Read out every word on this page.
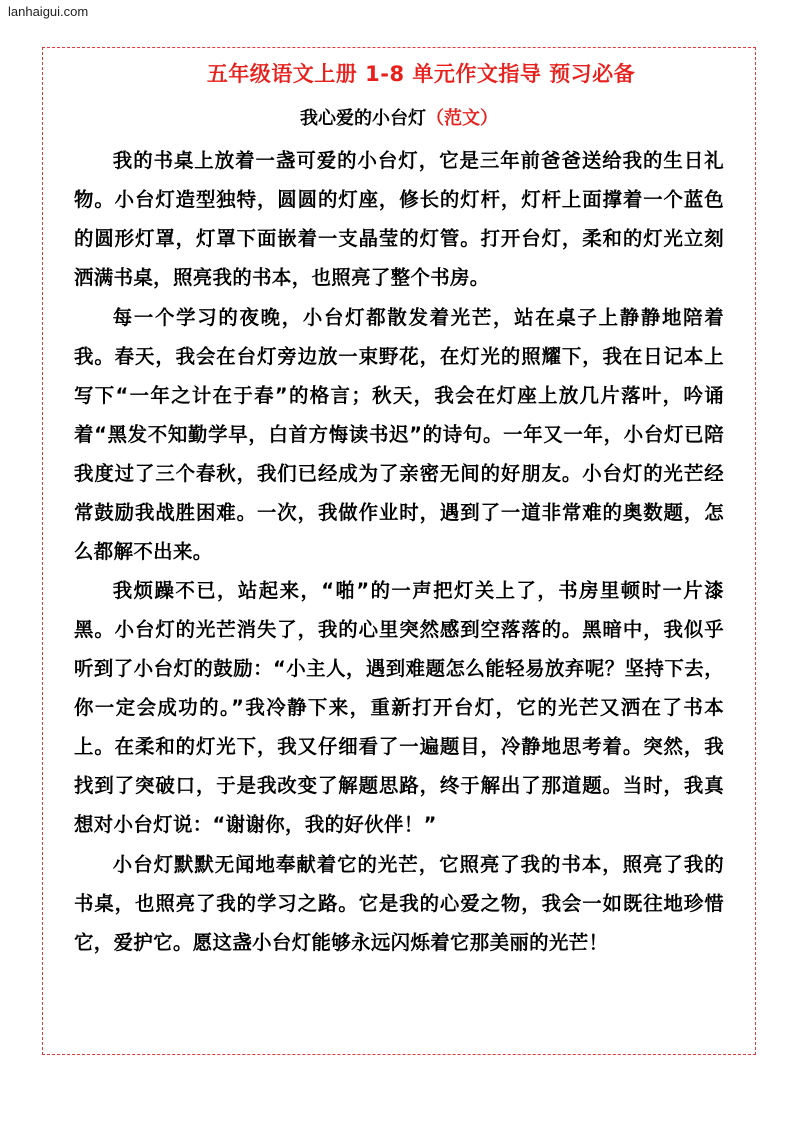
lanhaigui.com
五年级语文上册 1-8 单元作文指导 预习必备
我心爱的小台灯（范文）

我的书桌上放着一盏可爱的小台灯，它是三年前爸爸送给我的生日礼物。小台灯造型独特，圆圆的灯座，修长的灯杆，灯杆上面撑着一个蓝色的圆形灯罩，灯罩下面嵌着一支晶莹的灯管。打开台灯，柔和的灯光立刻洒满书桌，照亮我的书本，也照亮了整个书房。

每一个学习的夜晚，小台灯都散发着光芒，站在桌子上静静地陪着我。春天，我会在台灯旁边放一束野花，在灯光的照耀下，我在日记本上写下“一年之计在于春”的格言；秋天，我会在灯座上放几片落叶，吟诵着“黑发不知勤学早，白首方悔读书迟”的诗句。一年又一年，小台灯已陪我度过了三个春秋，我们已经成为了亲密无间的好朋友。小台灯的光芒经常鼓励我战胜困难。一次，我做作业时，遇到了一道非常难的奥数题，怎么都解不出来。

我烦躁不已，站起来，“啪”的一声把灯关上了，书房里顿时一片漆黑。小台灯的光芒消失了，我的心里突然感到空落落的。黑暗中，我似乎听到了小台灯的鼓励：“小主人，遇到难题怎么能轻易放弃呢？坚持下去，你一定会成功的。”我冷静下来，重新打开台灯，它的光芒又洒在了书本上。在柔和的灯光下，我又仔细看了一遍题目，冷静地思考着。突然，我找到了突破口，于是我改变了解题思路，终于解出了那道题。当时，我真想对小台灯说：“谢谢你，我的好伙伴！”

小台灯默默无闻地奉献着它的光芒，它照亮了我的书本，照亮了我的书桌，也照亮了我的学习之路。它是我的心爱之物，我会一如既往地珍惜它，爱护它。愿这盏小台灯能够永远闪烁着它那美丽的光芒！
